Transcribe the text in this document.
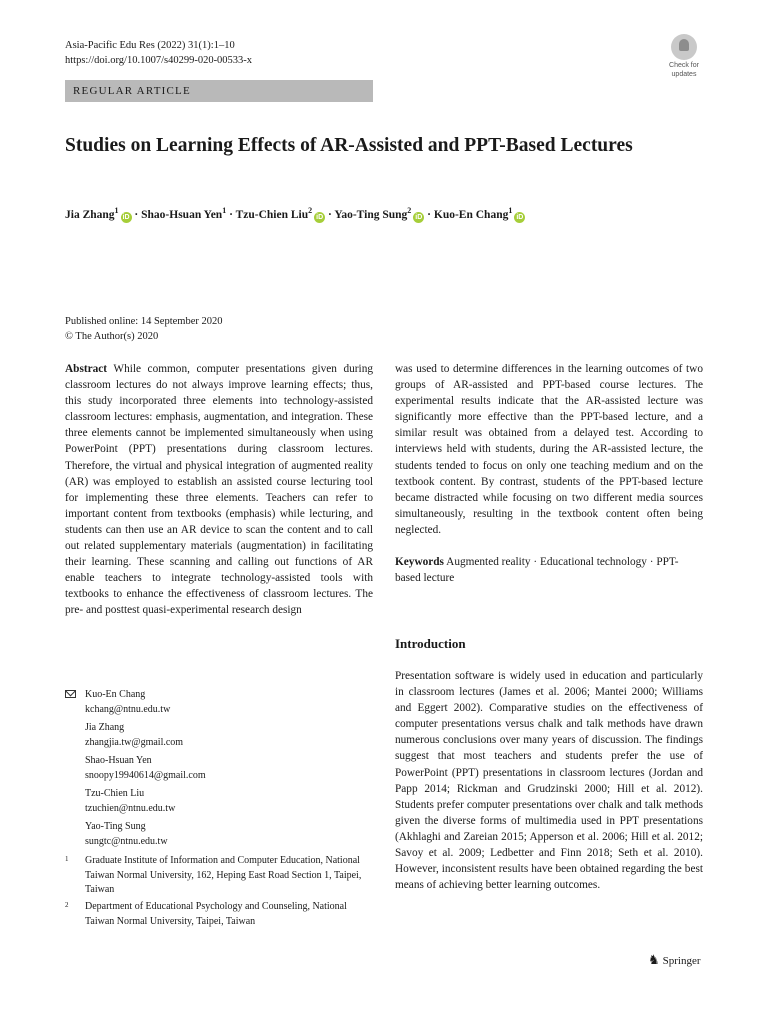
Asia-Pacific Edu Res (2022) 31(1):1–10
https://doi.org/10.1007/s40299-020-00533-x	Check for
updates
REGULAR ARTICLE
Studies on Learning Effects of AR-Assisted and PPT-Based Lectures
Jia Zhang$^1$iD · Shao-Hsuan Yen$^1$ · Tzu-Chien Liu$^2$iD · Yao-Ting Sung$^2$iD · Kuo-En Chang$^1$iD
Published online: 14 September 2020
© The Author(s) 2020
Abstract While common, computer presentations given during classroom lectures do not always improve learning effects; thus, this study incorporated three elements into technology-assisted classroom lectures: emphasis, augmentation, and integration. These three elements cannot be implemented simultaneously when using PowerPoint (PPT) presentations during classroom lectures. Therefore, the virtual and physical integration of augmented reality (AR) was employed to establish an assisted course lecturing tool for implementing these three elements. Teachers can refer to important content from textbooks (emphasis) while lecturing, and students can then use an AR device to scan the content and to call out related supplementary materials (augmentation) in facilitating their learning. These scanning and calling out functions of AR enable teachers to integrate technology-assisted tools with textbooks to enhance the effectiveness of classroom lectures. The pre- and posttest quasi-experimental research design
was used to determine differences in the learning outcomes of two groups of AR-assisted and PPT-based course lectures. The experimental results indicate that the AR-assisted lecture was significantly more effective than the PPT-based lecture, and a similar result was obtained from a delayed test. According to interviews held with students, during the AR-assisted lecture, the students tended to focus on only one teaching medium and on the textbook content. By contrast, students of the PPT-based lecture became distracted while focusing on two different media sources simultaneously, resulting in the textbook content often being neglected.
Keywords Augmented reality · Educational technology · PPT-based lecture
Introduction
Presentation software is widely used in education and particularly in classroom lectures (James et al. 2006; Mantei 2000; Williams and Eggert 2002). Comparative studies on the effectiveness of computer presentations versus chalk and talk methods have drawn numerous conclusions over many years of discussion. The findings suggest that most teachers and students prefer the use of PowerPoint (PPT) presentations in classroom lectures (Jordan and Papp 2014; Rickman and Grudzinski 2000; Hill et al. 2012). Students prefer computer presentations over chalk and talk methods given the diverse forms of multimedia used in PPT presentations (Akhlaghi and Zareian 2015; Apperson et al. 2006; Hill et al. 2012; Savoy et al. 2009; Ledbetter and Finn 2018; Seth et al. 2010). However, inconsistent results have been obtained regarding the best means of achieving better learning outcomes.
Kuo-En Chang
kchang@ntnu.edu.tw
Jia Zhang
zhangjia.tw@gmail.com
Shao-Hsuan Yen
snoopy19940614@gmail.com
Tzu-Chien Liu
tzuchien@ntnu.edu.tw
Yao-Ting Sung
sungtc@ntnu.edu.tw
1 Graduate Institute of Information and Computer Education, National Taiwan Normal University, 162, Heping East Road Section 1, Taipei, Taiwan
2 Department of Educational Psychology and Counseling, National Taiwan Normal University, Taipei, Taiwan
♞ Springer
